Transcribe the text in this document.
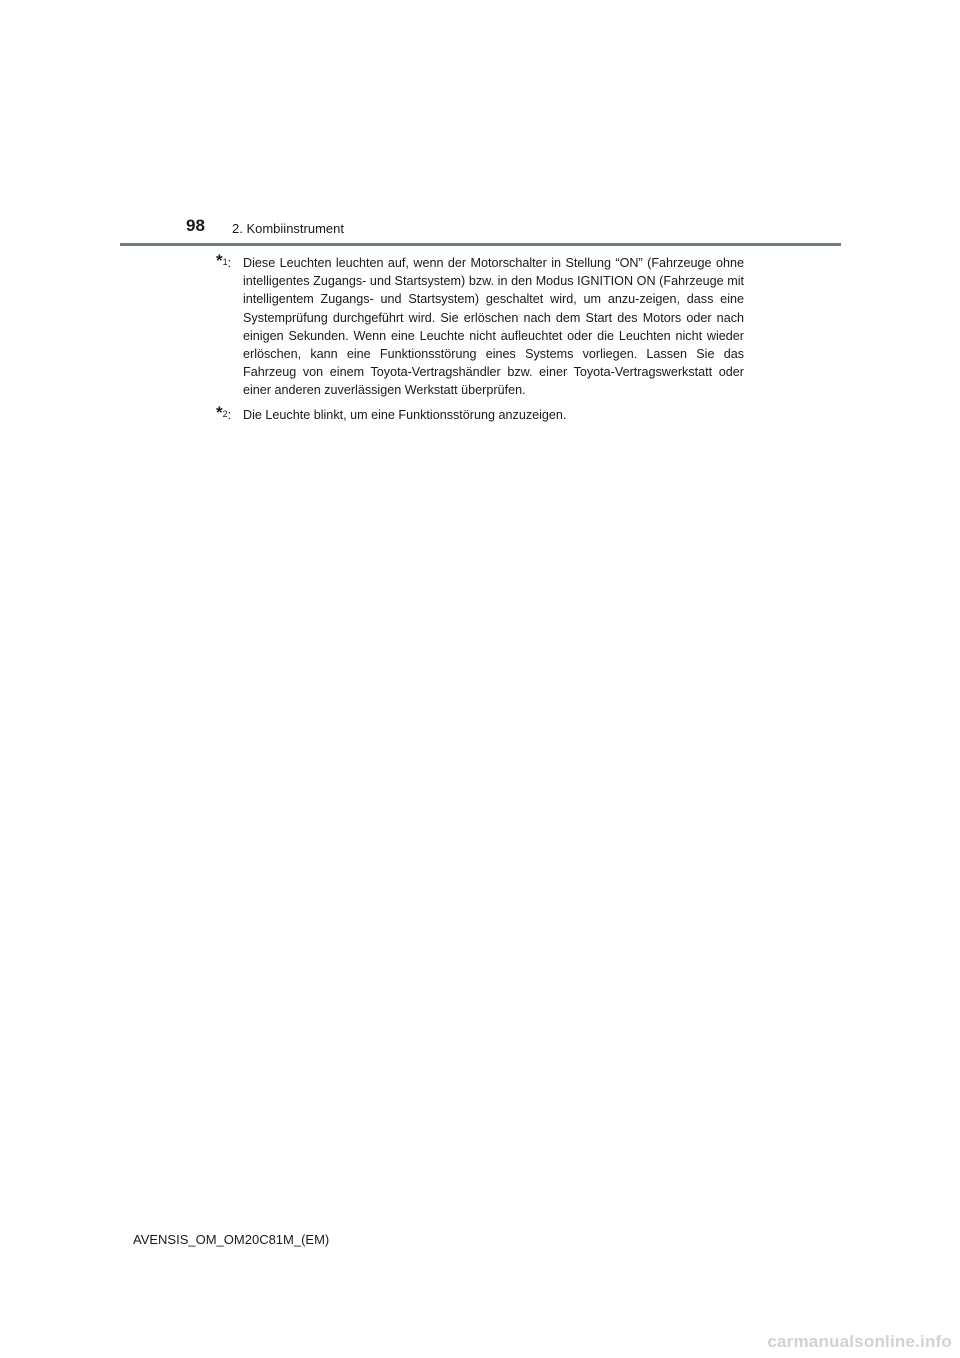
98 2. Kombiinstrument
*$^1$: Diese Leuchten leuchten auf, wenn der Motorschalter in Stellung “ON” (Fahrzeuge ohne intelligentes Zugangs- und Startsystem) bzw. in den Modus IGNITION ON (Fahrzeuge mit intelligentem Zugangs- und Startsystem) geschaltet wird, um anzu-zeigen, dass eine Systemprüfung durchgeführt wird. Sie erlöschen nach dem Start des Motors oder nach einigen Sekunden. Wenn eine Leuchte nicht aufleuchtet oder die Leuchten nicht wieder erlöschen, kann eine Funktionsstörung eines Systems vorliegen. Lassen Sie das Fahrzeug von einem Toyota-Vertragshändler bzw. einer Toyota-Vertragswerkstatt oder einer anderen zuverlässigen Werkstatt überprüfen.
*$^2$: Die Leuchte blinkt, um eine Funktionsstörung anzuzeigen.
AVENSIS_OM_OM20C81M_(EM)
carmanualsonline.info
